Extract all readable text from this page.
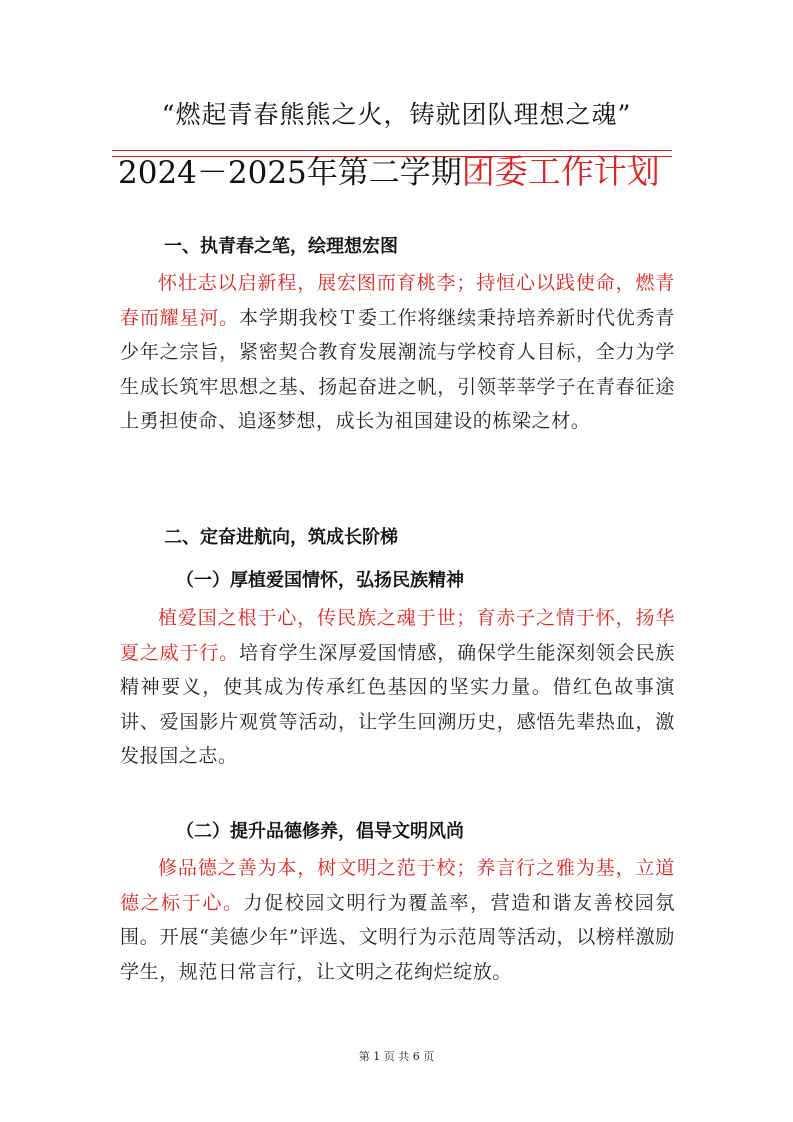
“燃起青春熊熊之火，铸就团队理想之魂”
2024－2025年第二学期团委工作计划
一、执青春之笔，绘理想宏图
怀壮志以启新程，展宏图而育桃李；持恒心以践使命，燃青春而耀星河。本学期我校Ｔ委工作将继续秉持培养新时代优秀青少年之宗旨，紧密契合教育发展潮流与学校育人目标，全力为学生成长筑牢思想之基、扬起奋进之帆，引领莘莘学子在青春征途上勇担使命、追逐梦想，成长为祖国建设的栋梁之材。
二、定奋进航向，筑成长阶梯
（一）厚植爱国情怀，弘扬民族精神
植爱国之根于心，传民族之魂于世；育赤子之情于怀，扬华夏之威于行。培育学生深厚爱国情感，确保学生能深刻领会民族精神要义，使其成为传承红色基因的坚实力量。借红色故事演讲、爱国影片观赏等活动，让学生回溯历史，感悟先辈热血，激发报国之志。
（二）提升品德修养，倡导文明风尚
修品德之善为本，树文明之范于校；养言行之雅为基，立道德之标于心。力促校园文明行为覆盖率，营造和谐友善校园氛围。开展“美德少年”评选、文明行为示范周等活动，以榜样激励学生，规范日常言行，让文明之花绚烂绽放。
第 1 页 共 6 页
